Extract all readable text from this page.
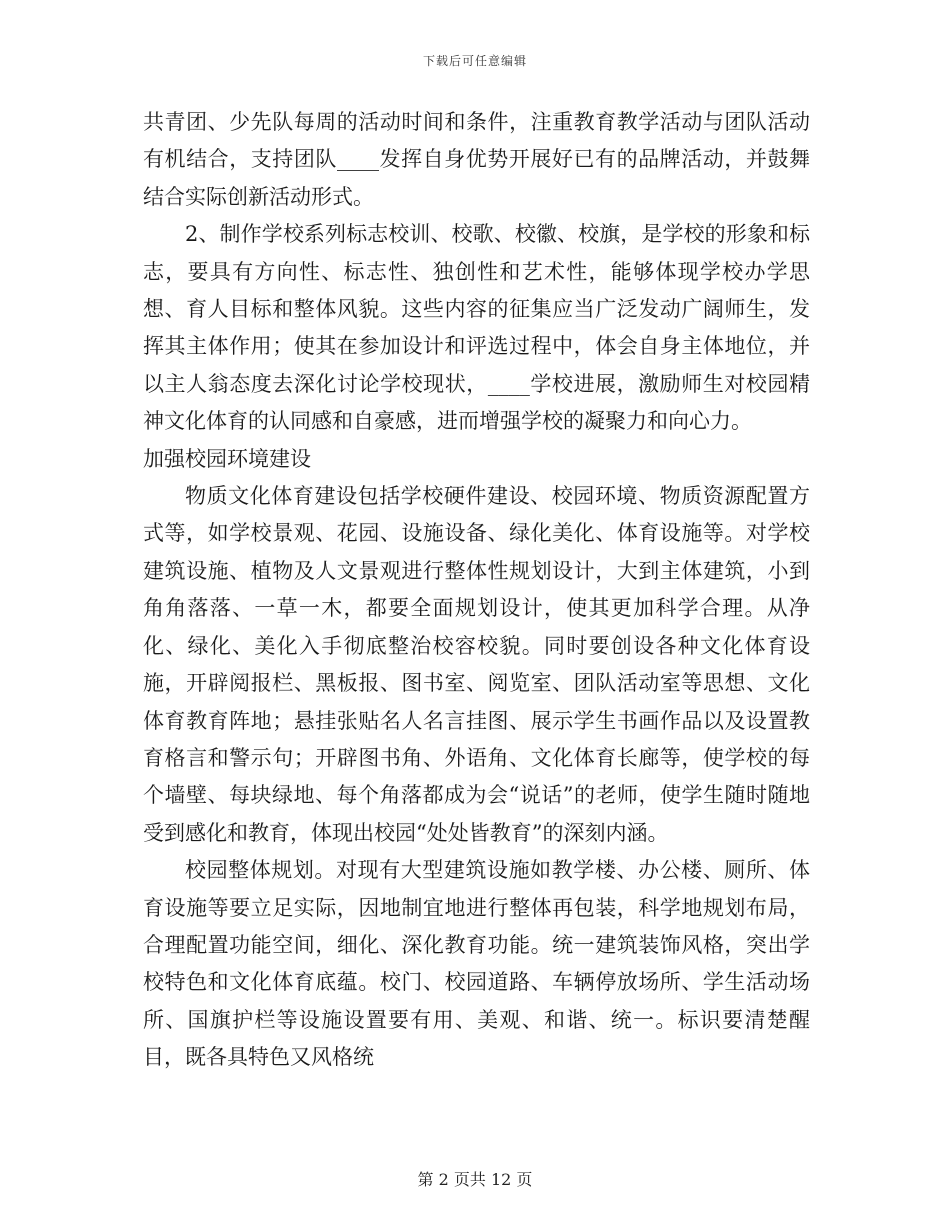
下载后可任意编辑

共青团、少先队每周的活动时间和条件，注重教育教学活动与团队活动有机结合，支持团队____发挥自身优势开展好已有的品牌活动，并鼓舞结合实际创新活动形式。

2、制作学校系列标志校训、校歌、校徽、校旗，是学校的形象和标志，要具有方向性、标志性、独创性和艺术性，能够体现学校办学思想、育人目标和整体风貌。这些内容的征集应当广泛发动广阔师生，发挥其主体作用；使其在参加设计和评选过程中，体会自身主体地位，并以主人翁态度去深化讨论学校现状，____学校进展，激励师生对校园精神文化体育的认同感和自豪感，进而增强学校的凝聚力和向心力。

加强校园环境建设

物质文化体育建设包括学校硬件建设、校园环境、物质资源配置方式等，如学校景观、花园、设施设备、绿化美化、体育设施等。对学校建筑设施、植物及人文景观进行整体性规划设计，大到主体建筑，小到角角落落、一草一木，都要全面规划设计，使其更加科学合理。从净化、绿化、美化入手彻底整治校容校貌。同时要创设各种文化体育设施，开辟阅报栏、黑板报、图书室、阅览室、团队活动室等思想、文化体育教育阵地；悬挂张贴名人名言挂图、展示学生书画作品以及设置教育格言和警示句；开辟图书角、外语角、文化体育长廊等，使学校的每个墙壁、每块绿地、每个角落都成为会“说话”的老师，使学生随时随地受到感化和教育，体现出校园“处处皆教育”的深刻内涵。

校园整体规划。对现有大型建筑设施如教学楼、办公楼、厕所、体育设施等要立足实际，因地制宜地进行整体再包装，科学地规划布局，合理配置功能空间，细化、深化教育功能。统一建筑装饰风格，突出学校特色和文化体育底蕴。校门、校园道路、车辆停放场所、学生活动场所、国旗护栏等设施设置要有用、美观、和谐、统一。标识要清楚醒目，既各具特色又风格统

第 2 页共 12 页
